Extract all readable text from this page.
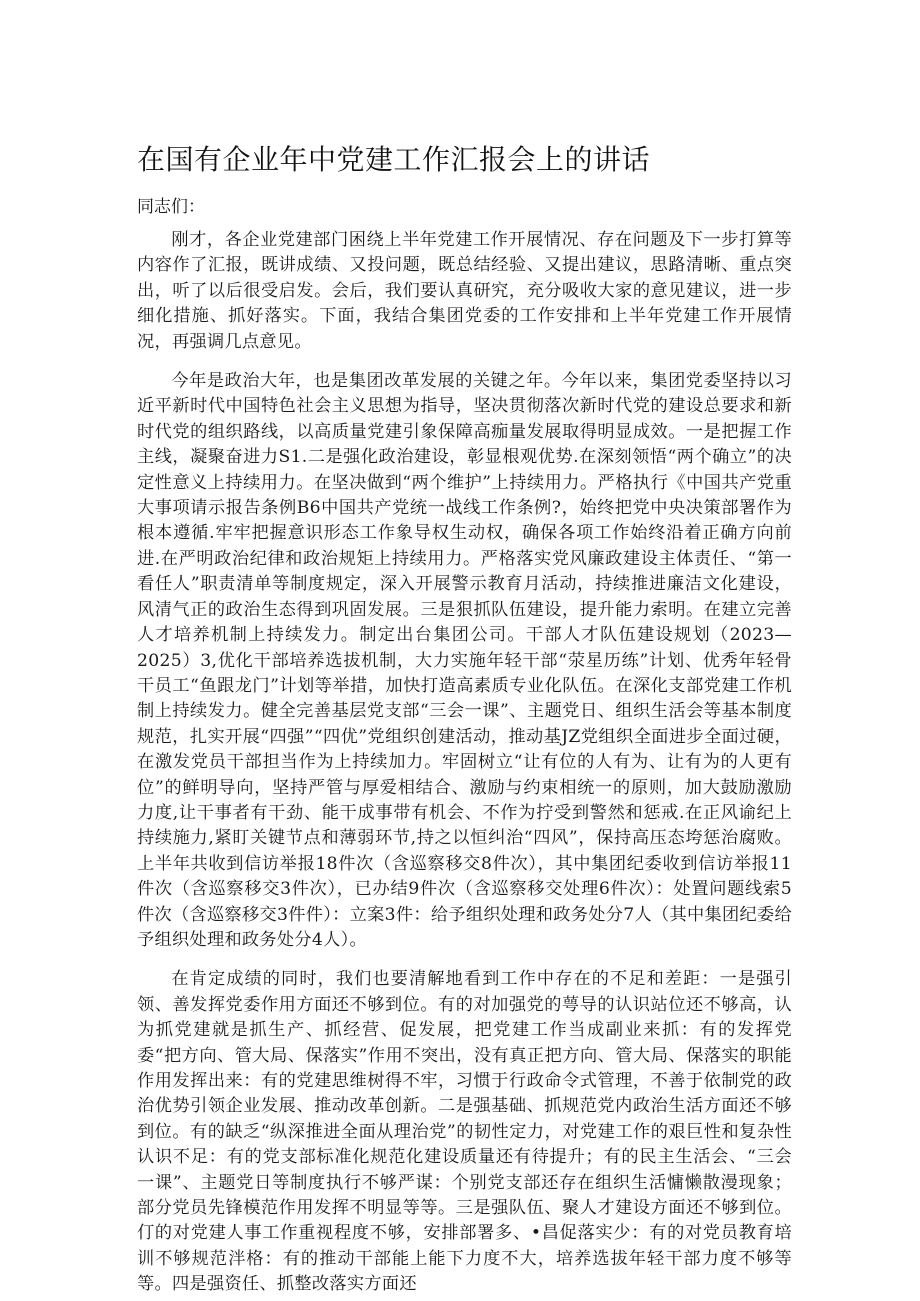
在国有企业年中党建工作汇报会上的讲话

同志们：

刚才，各企业党建部门困绕上半年党建工作开展情况、存在问题及下一步打算等内容作了汇报，既讲成绩、又投问题，既总结经验、又提出建议，思路清晰、重点突出，听了以后很受启发。会后，我们要认真研究，充分吸收大家的意见建议，进一步细化措施、抓好落实。下面，我结合集团党委的工作安排和上半年党建工作开展情况，再强调几点意见。

今年是政治大年，也是集团改革发展的关键之年。今年以来，集团党委坚持以习近平新时代中国特色社会主义思想为指导，坚决贯彻落次新时代党的建设总要求和新时代党的组织路线，以高质量党建引象保障高痂量发展取得明显成效。一是把握工作主线，凝聚奋进力S1.二是强化政治建设，彰显根观优势.在深刻领悟“两个确立”的决定性意义上持续用力。在坚决做到“两个维护”上持续用力。严格执行《中国共产党重大事项请示报告条例B6中国共产党统一战线工作条例?，始终把党中央决策部署作为根本遵循.牢牢把握意识形态工作象导权生动权，确保各项工作始终沿着正确方向前进.在严明政治纪律和政治规矩上持续用力。严格落实党风廉政建设主体责任、“第一看任人”职责清单等制度规定，深入开展警示教育月活动，持续推进廉洁文化建设，风清气正的政治生态得到巩固发展。三是狠抓队伍建设，提升能力索明。在建立完善人才培养机制上持续发力。制定出台集团公司。干部人才队伍建设规划（2023—2025）3,优化干部培养选拔机制，大力实施年轻干部“荥星历练”计划、优秀年轻骨干员工“鱼跟龙门”计划等举措，加快打造高素质专业化队伍。在深化支部党建工作机制上持续发力。健全完善基层党支部“三会一课”、主题党日、组织生活会等基本制度规范，扎实开展“四强”“四优”党组织创建活动，推动基JZ党组织全面进步全面过硬，在激发党员干部担当作为上持续加力。牢固树立“让有位的人有为、让有为的人更有位”的鲜明导向，坚持严管与厚爱相结合、激励与约束相统一的原则，加大鼓励激励力度,让干事者有干劲、能干成事带有机会、不作为拧受到警然和惩戒.在正风谕纪上持续施力,紧盯关键节点和薄弱环节,持之以恒纠治“四风”，保持高压态垮惩治腐败。上半年共收到信访举报18件次（含巡察移交8件次），其中集团纪委收到信访举报11件次（含巡察移交3件次），已办结9件次（含巡察移交处理6件次）：处置问题线索5件次（含巡察移交3件件）：立案3件：给予组织处理和政务处分7人（其中集团纪委给予组织处理和政务处分4人）。

在肯定成绩的同时，我们也要清解地看到工作中存在的不足和差距：一是强引领、善发挥党委作用方面还不够到位。有的对加强党的萼导的认识站位还不够高，认为抓党建就是抓生产、抓经营、促发展，把党建工作当成副业来抓：有的发挥党委“把方向、管大局、保落实”作用不突出，没有真正把方向、管大局、保落实的职能作用发挥出来：有的党建思维树得不牢，习惯于行政命令式管理，不善于依制党的政治优势引领企业发展、推动改革创新。二是强基础、抓规范党内政治生活方面还不够到位。有的缺乏“纵深推进全面从理治党”的韧性定力，对党建工作的艰巨性和复杂性认识不足：有的党支部标准化规范化建设质量还有待提升；有的民主生活会、“三会一课”、主题党日等制度执行不够严谋：个别党支部还存在组织生活慵懒散漫现象；部分党员先锋模范作用发挥不明显等等。三是强队伍、聚人才建设方面还不够到位。仃的对党建人事工作重视程度不够，安排部署多、•昌促落实少：有的对党员教育培训不够规范泮格：有的推动干部能上能下力度不大，培养选拔年轻干部力度不够等等。四是强资任、抓整改落实方面还
